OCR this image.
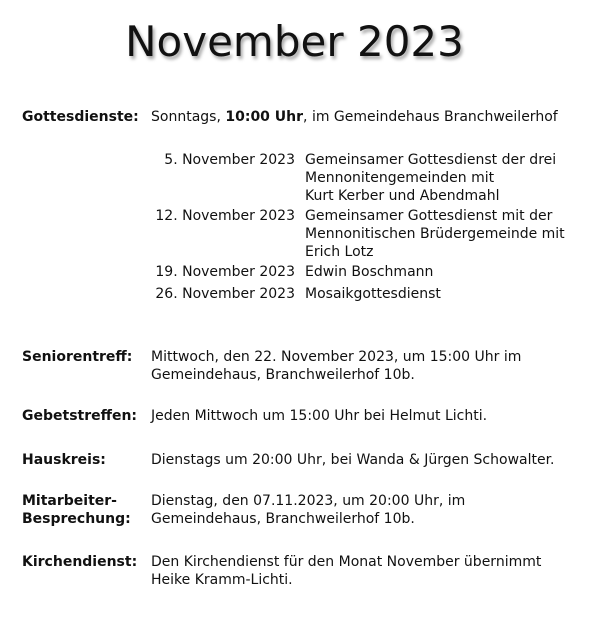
November 2023
Gottesdienste: Sonntags, 10:00 Uhr, im Gemeindehaus Branchweilerhof
5. November 2023 Gemeinsamer Gottesdienst der drei
Mennonitengemeinden mit
Kurt Kerber und Abendmahl
12. November 2023 Gemeinsamer Gottesdienst mit der
Mennonitischen Brüdergemeinde mit
Erich Lotz
19. November 2023 Edwin Boschmann
26. November 2023 Mosaikgottesdienst
Seniorentreff: Mittwoch, den 22. November 2023, um 15:00 Uhr im
Gemeindehaus, Branchweilerhof 10b.
Gebetstreffen: Jeden Mittwoch um 15:00 Uhr bei Helmut Lichti.
Hauskreis:	Dienstags um 20:00 Uhr, bei Wanda & Jürgen Schowalter.
Mitarbeiter-
Besprechung:
Dienstag, den 07.11.2023, um 20:00 Uhr, im
Gemeindehaus, Branchweilerhof 10b.
Kirchendienst: Den Kirchendienst für den Monat November übernimmt
Heike Kramm-Lichti.
